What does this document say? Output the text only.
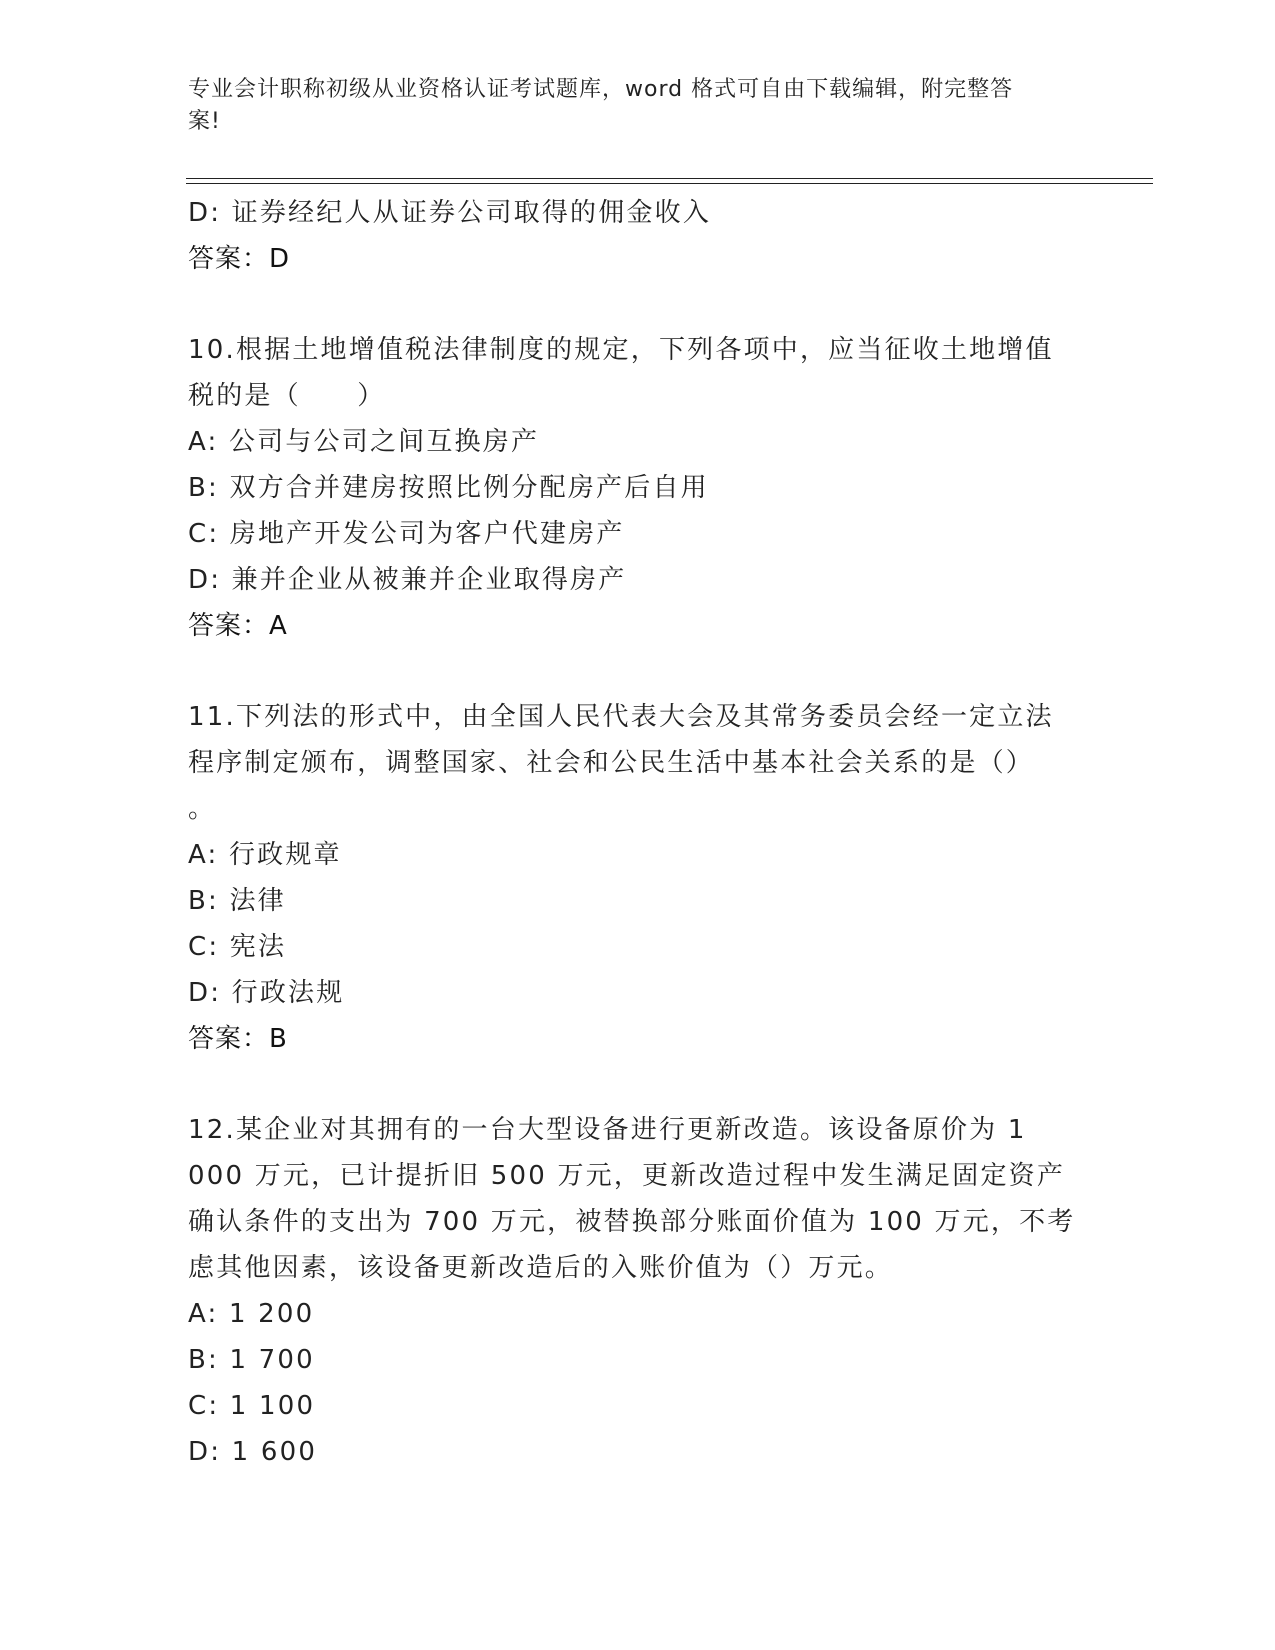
专业会计职称初级从业资格认证考试题库，word 格式可自由下载编辑，附完整答
案!
D: 证券经纪人从证券公司取得的佣金收入
答案：D
10.根据土地增值税法律制度的规定，下列各项中，应当征收土地增值
税的是（　　）
A: 公司与公司之间互换房产
B: 双方合并建房按照比例分配房产后自用
C: 房地产开发公司为客户代建房产
D: 兼并企业从被兼并企业取得房产
答案：A
11.下列法的形式中，由全国人民代表大会及其常务委员会经一定立法
程序制定颁布，调整国家、社会和公民生活中基本社会关系的是（）
。
A: 行政规章
B: 法律
C: 宪法
D: 行政法规
答案：B
12.某企业对其拥有的一台大型设备进行更新改造。该设备原价为 1
000 万元，已计提折旧 500 万元，更新改造过程中发生满足固定资产
确认条件的支出为 700 万元，被替换部分账面价值为 100 万元，不考
虑其他因素，该设备更新改造后的入账价值为（）万元。
A: 1 200
B: 1 700
C: 1 100
D: 1 600
